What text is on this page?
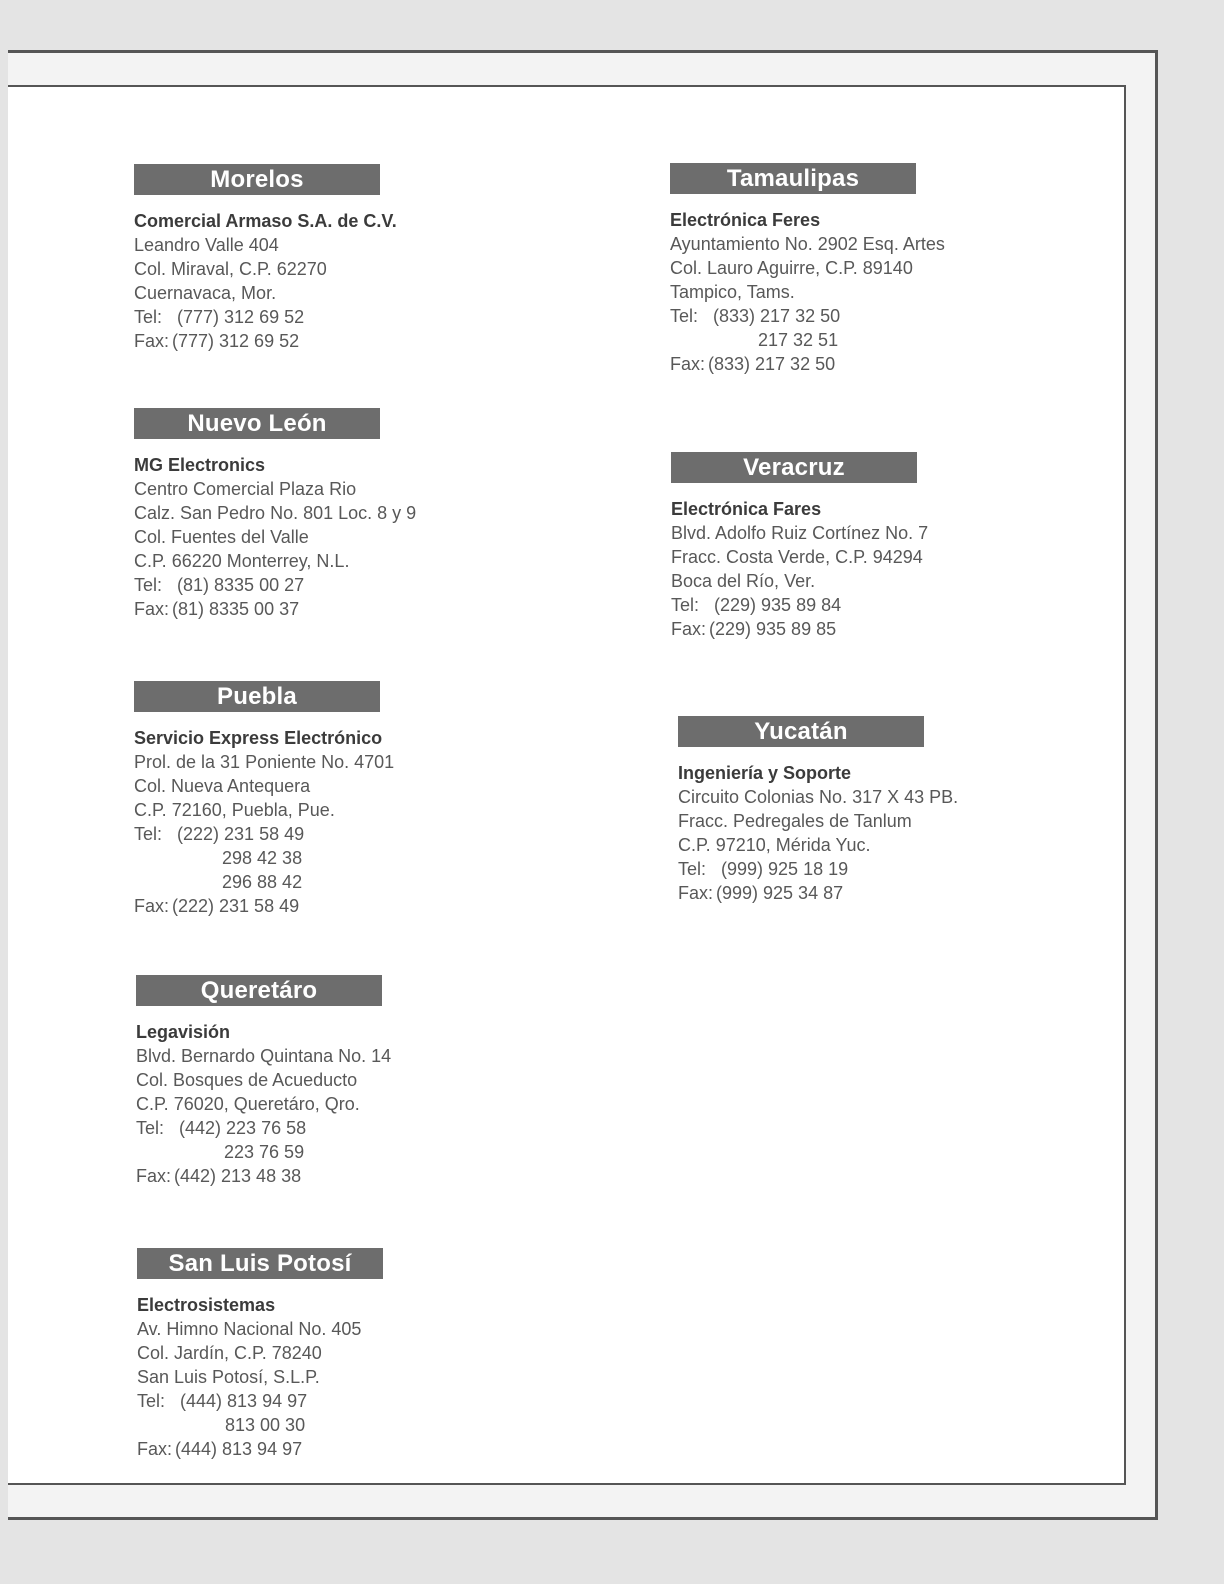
Morelos
Comercial Armaso S.A. de C.V.
Leandro Valle 404
Col. Miraval, C.P. 62270
Cuernavaca, Mor.
Tel: (777) 312 69 52
Fax: (777) 312 69 52
Nuevo León
MG Electronics
Centro Comercial Plaza Rio
Calz. San Pedro No. 801 Loc. 8 y 9
Col. Fuentes del Valle
C.P. 66220 Monterrey, N.L.
Tel: (81) 8335 00 27
Fax: (81) 8335 00 37
Puebla
Servicio Express Electrónico
Prol. de la 31 Poniente No. 4701
Col. Nueva Antequera
C.P. 72160, Puebla, Pue.
Tel: (222) 231 58 49
298 42 38
296 88 42
Fax: (222) 231 58 49
Queretáro
Legavisión
Blvd. Bernardo Quintana No. 14
Col. Bosques de Acueducto
C.P. 76020, Queretáro, Qro.
Tel: (442) 223 76 58
223 76 59
Fax: (442) 213 48 38
San Luis Potosí
Electrosistemas
Av. Himno Nacional No. 405
Col. Jardín, C.P. 78240
San Luis Potosí, S.L.P.
Tel: (444) 813 94 97
813 00 30
Fax: (444) 813 94 97
Tamaulipas
Electrónica Feres
Ayuntamiento No. 2902 Esq. Artes
Col. Lauro Aguirre, C.P. 89140
Tampico, Tams.
Tel: (833) 217 32 50
217 32 51
Fax: (833) 217 32 50
Veracruz
Electrónica Fares
Blvd. Adolfo Ruiz Cortínez No. 7
Fracc. Costa Verde, C.P. 94294
Boca del Río, Ver.
Tel: (229) 935 89 84
Fax: (229) 935 89 85
Yucatán
Ingeniería y Soporte
Circuito Colonias No. 317 X 43 PB.
Fracc. Pedregales de Tanlum
C.P. 97210, Mérida Yuc.
Tel: (999) 925 18 19
Fax: (999) 925 34 87
